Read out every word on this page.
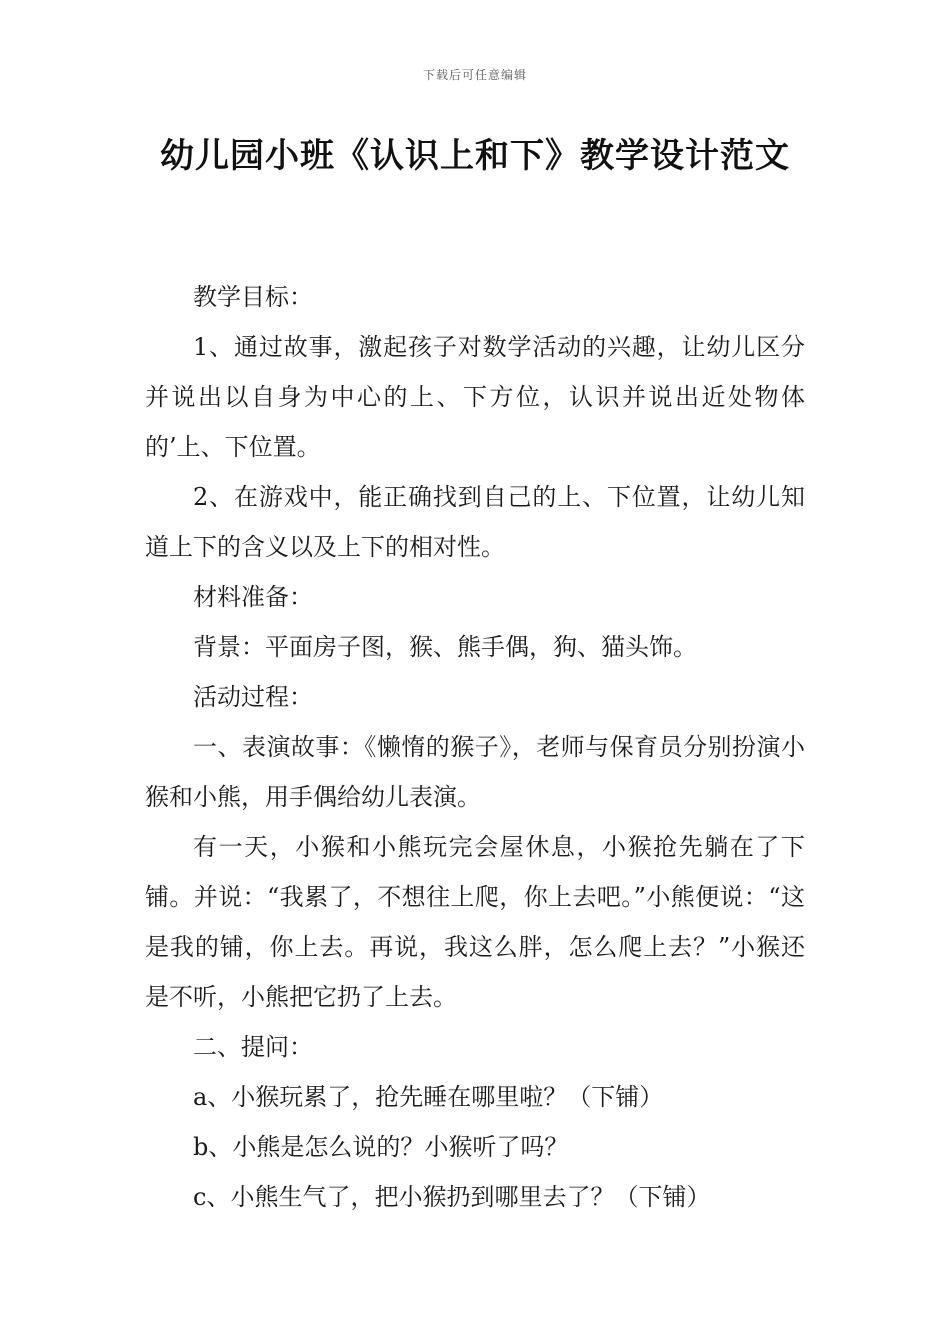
下载后可任意编辑
幼儿园小班《认识上和下》教学设计范文

教学目标：

1、通过故事，激起孩子对数学活动的兴趣，让幼儿区分并说出以自身为中心的上、下方位，认识并说出近处物体的’上、下位置。

2、在游戏中，能正确找到自己的上、下位置，让幼儿知道上下的含义以及上下的相对性。

材料准备：

背景：平面房子图，猴、熊手偶，狗、猫头饰。

活动过程：

一、表演故事：《懒惰的猴子》，老师与保育员分别扮演小猴和小熊，用手偶给幼儿表演。

有一天，小猴和小熊玩完会屋休息，小猴抢先躺在了下铺。并说：“我累了，不想往上爬，你上去吧。”小熊便说：“这是我的铺，你上去。再说，我这么胖，怎么爬上去？”小猴还是不听，小熊把它扔了上去。

二、提问：

a、小猴玩累了，抢先睡在哪里啦？（下铺）

b、小熊是怎么说的？小猴听了吗？

c、小熊生气了，把小猴扔到哪里去了？（下铺）
